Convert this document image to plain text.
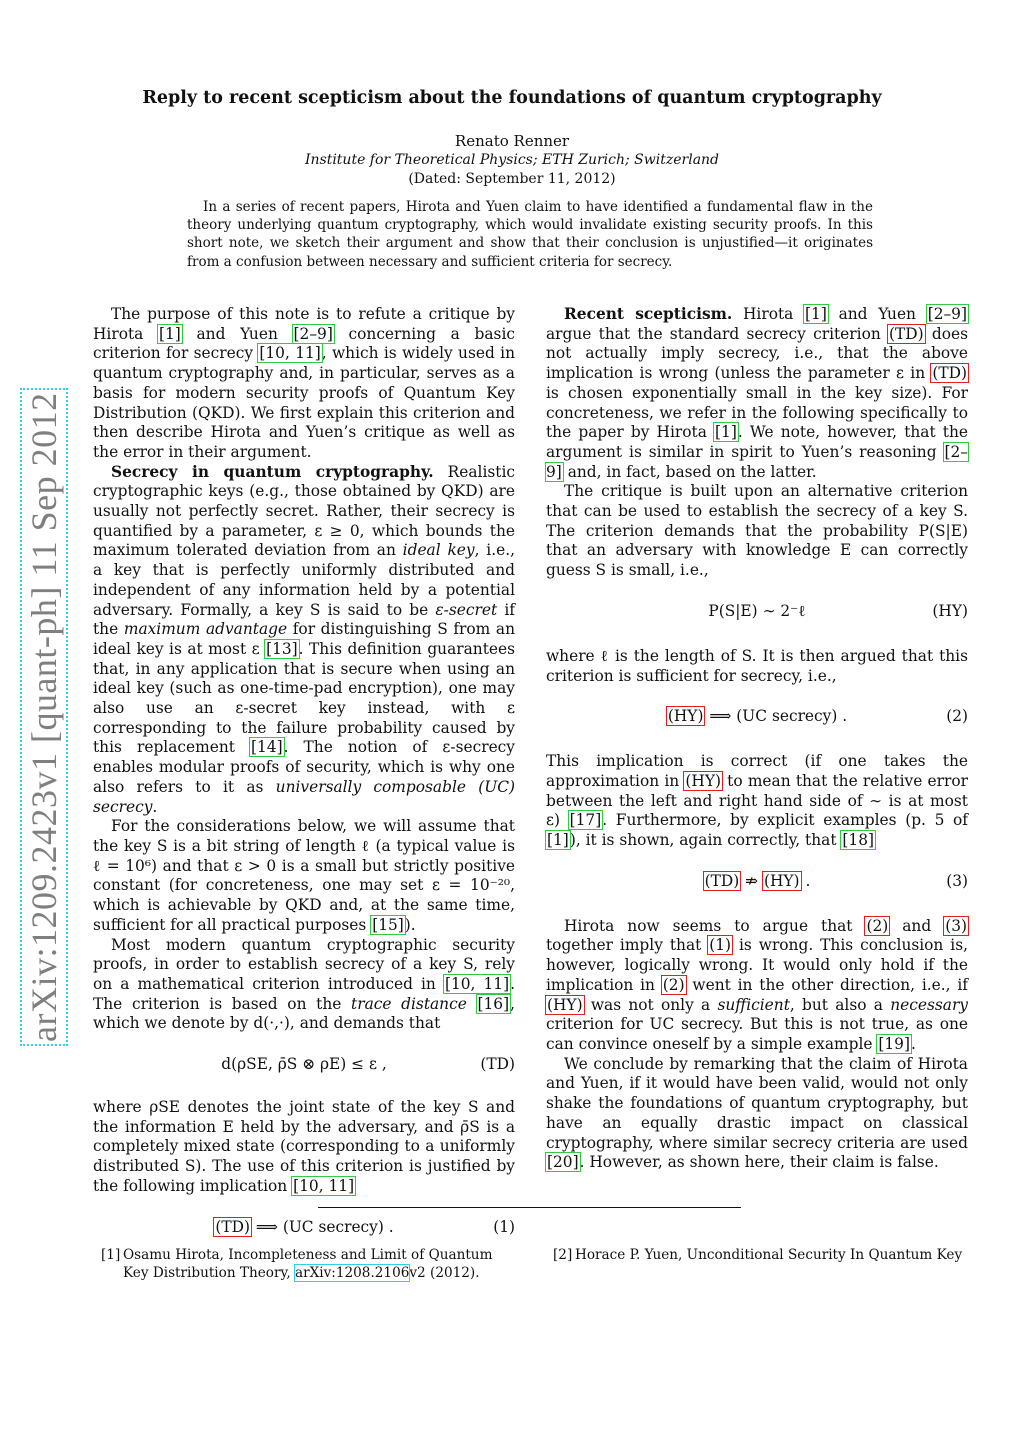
arXiv:1209.2423v1 [quant-ph] 11 Sep 2012
Reply to recent scepticism about the foundations of quantum cryptography
Renato Renner
Institute for Theoretical Physics; ETH Zurich; Switzerland
(Dated: September 11, 2012)
In a series of recent papers, Hirota and Yuen claim to have identified a fundamental flaw in the theory underlying quantum cryptography, which would invalidate existing security proofs. In this short note, we sketch their argument and show that their conclusion is unjustified—it originates from a confusion between necessary and sufficient criteria for secrecy.

The purpose of this note is to refute a critique by Hirota [1] and Yuen [2–9] concerning a basic criterion for secrecy [10, 11], which is widely used in quantum cryptography and, in particular, serves as a basis for modern security proofs of Quantum Key Distribution (QKD). We first explain this criterion and then describe Hirota and Yuen’s critique as well as the error in their argument.

Secrecy in quantum cryptography. Realistic cryptographic keys (e.g., those obtained by QKD) are usually not perfectly secret. Rather, their secrecy is quantified by a parameter, ε ≥ 0, which bounds the maximum tolerated deviation from an ideal key, i.e., a key that is perfectly uniformly distributed and independent of any information held by a potential adversary. Formally, a key S is said to be ε-secret if the maximum advantage for distinguishing S from an ideal key is at most ε [13]. This definition guarantees that, in any application that is secure when using an ideal key (such as one-time-pad encryption), one may also use an ε-secret key instead, with ε corresponding to the failure probability caused by this replacement [14]. The notion of ε-secrecy enables modular proofs of security, which is why one also refers to it as universally composable (UC) secrecy.

For the considerations below, we will assume that the key S is a bit string of length ℓ (a typical value is ℓ = 10⁶) and that ε > 0 is a small but strictly positive constant (for concreteness, one may set ε = 10⁻²⁰, which is achievable by QKD and, at the same time, sufficient for all practical purposes [15]).

Most modern quantum cryptographic security proofs, in order to establish secrecy of a key S, rely on a mathematical criterion introduced in [10, 11]. The criterion is based on the trace distance [16], which we denote by d(·,·), and demands that

d(ρSE, ρ̄S ⊗ ρE) ≤ ε ,	(TD)

where ρSE denotes the joint state of the key S and the information E held by the adversary, and ρ̄S is a completely mixed state (corresponding to a uniformly distributed S). The use of this criterion is justified by the following implication [10, 11]

(TD) ⟹ (UC secrecy) .	(1)

Recent scepticism. Hirota [1] and Yuen [2–9] argue that the standard secrecy criterion (TD) does not actually imply secrecy, i.e., that the above implication is wrong (unless the parameter ε in (TD) is chosen exponentially small in the key size). For concreteness, we refer in the following specifically to the paper by Hirota [1]. We note, however, that the argument is similar in spirit to Yuen’s reasoning [2–9] and, in fact, based on the latter.

The critique is built upon an alternative criterion that can be used to establish the secrecy of a key S. The criterion demands that the probability P(S|E) that an adversary with knowledge E can correctly guess S is small, i.e.,

P(S|E) ∼ 2⁻ℓ	(HY)

where ℓ is the length of S. It is then argued that this criterion is sufficient for secrecy, i.e.,

(HY) ⟹ (UC secrecy) .	(2)

This implication is correct (if one takes the approximation in (HY) to mean that the relative error between the left and right hand side of ∼ is at most ε) [17]. Furthermore, by explicit examples (p. 5 of [1]), it is shown, again correctly, that [18]

(TD) ⇏ (HY) .	(3)

Hirota now seems to argue that (2) and (3) together imply that (1) is wrong. This conclusion is, however, logically wrong. It would only hold if the implication in (2) went in the other direction, i.e., if (HY) was not only a sufficient, but also a necessary criterion for UC secrecy. But this is not true, as one can convince oneself by a simple example [19].

We conclude by remarking that the claim of Hirota and Yuen, if it would have been valid, would not only shake the foundations of quantum cryptography, but have an equally drastic impact on classical cryptography, where similar secrecy criteria are used [20]. However, as shown here, their claim is false.

[1] Osamu Hirota, Incompleteness and Limit of Quantum
Key Distribution Theory, arXiv:1208.2106v2 (2012).
[2] Horace P. Yuen, Unconditional Security In Quantum Key
